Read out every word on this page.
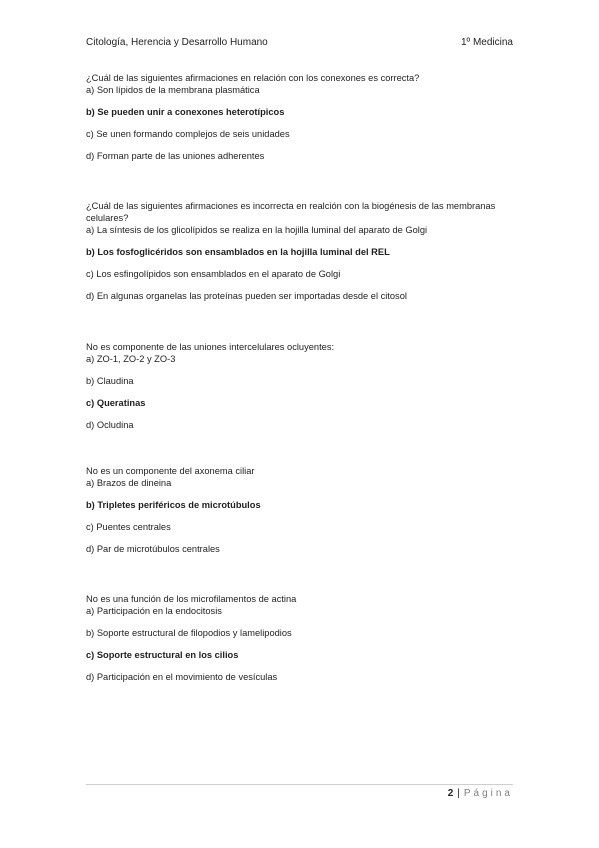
Citología, Herencia y Desarrollo Humano	1º Medicina

¿Cuál de las siguientes afirmaciones en relación con los conexones es correcta?

a) Son lípidos de la membrana plasmática

b) Se pueden unir a conexones heterotípicos

c) Se unen formando complejos de seis unidades

d) Forman parte de las uniones adherentes

¿Cuál de las siguientes afirmaciones es incorrecta en realción con la biogénesis de las membranas celulares?

a) La síntesis de los glicolípidos se realiza en la hojilla luminal del aparato de Golgi

b) Los fosfoglicéridos son ensamblados en la hojilla luminal del REL

c) Los esfingolípidos son ensamblados en el aparato de Golgi

d) En algunas organelas las proteínas pueden ser importadas desde el citosol

No es componente de las uniones intercelulares ocluyentes:

a) ZO-1, ZO-2 y ZO-3

b) Claudina

c) Queratinas

d) Ocludina

No es un componente del axonema ciliar

a) Brazos de dineina

b) Tripletes periféricos de microtúbulos

c) Puentes centrales

d) Par de microtúbulos centrales

No es una función de los microfilamentos de actina

a) Participación en la endocitosis

b) Soporte estructural de filopodios y lamelipodios

c) Soporte estructural en los cilios

d) Participación en el movimiento de vesículas

2 | Página
